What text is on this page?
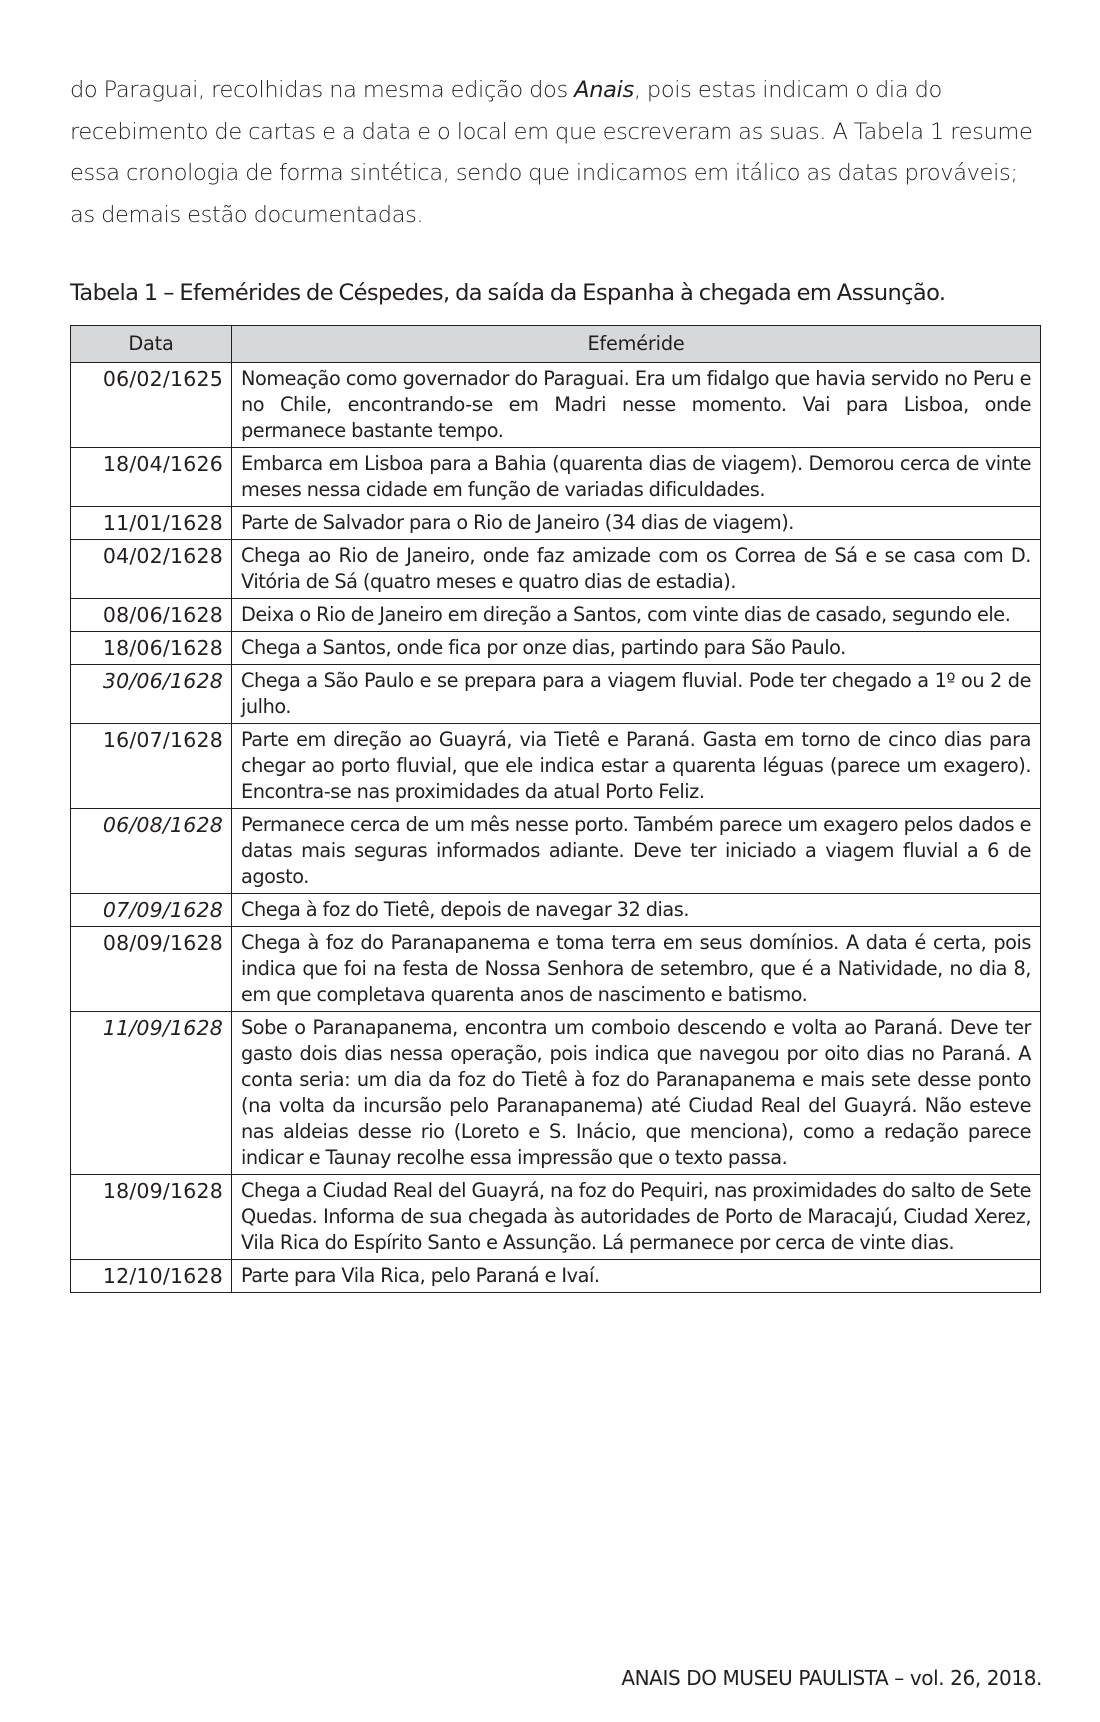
do Paraguai, recolhidas na mesma edição dos Anais, pois estas indicam o dia do recebimento de cartas e a data e o local em que escreveram as suas. A Tabela 1 resume essa cronologia de forma sintética, sendo que indicamos em itálico as datas prováveis; as demais estão documentadas.

Tabela 1 – Efemérides de Céspedes, da saída da Espanha à chegada em Assunção.
Data	Efeméride
06/02/1625	Nomeação como governador do Paraguai. Era um fidalgo que havia servido no Peru e no Chile, encontrando-se em Madri nesse momento. Vai para Lisboa, onde permanece bastante tempo.
18/04/1626	Embarca em Lisboa para a Bahia (quarenta dias de viagem). Demorou cerca de vinte meses nessa cidade em função de variadas dificuldades.
11/01/1628	Parte de Salvador para o Rio de Janeiro (34 dias de viagem).
04/02/1628	Chega ao Rio de Janeiro, onde faz amizade com os Correa de Sá e se casa com D. Vitória de Sá (quatro meses e quatro dias de estadia).
08/06/1628	Deixa o Rio de Janeiro em direção a Santos, com vinte dias de casado, segundo ele.
18/06/1628	Chega a Santos, onde fica por onze dias, partindo para São Paulo.
30/06/1628	Chega a São Paulo e se prepara para a viagem fluvial. Pode ter chegado a 1º ou 2 de julho.
16/07/1628	Parte em direção ao Guayrá, via Tietê e Paraná. Gasta em torno de cinco dias para chegar ao porto fluvial, que ele indica estar a quarenta léguas (parece um exagero). Encontra-se nas proximidades da atual Porto Feliz.
06/08/1628	Permanece cerca de um mês nesse porto. Também parece um exagero pelos dados e datas mais seguras informados adiante. Deve ter iniciado a viagem fluvial a 6 de agosto.
07/09/1628	Chega à foz do Tietê, depois de navegar 32 dias.
08/09/1628	Chega à foz do Paranapanema e toma terra em seus domínios. A data é certa, pois indica que foi na festa de Nossa Senhora de setembro, que é a Natividade, no dia 8, em que completava quarenta anos de nascimento e batismo.
11/09/1628	Sobe o Paranapanema, encontra um comboio descendo e volta ao Paraná. Deve ter gasto dois dias nessa operação, pois indica que navegou por oito dias no Paraná. A conta seria: um dia da foz do Tietê à foz do Paranapanema e mais sete desse ponto (na volta da incursão pelo Paranapanema) até Ciudad Real del Guayrá. Não esteve nas aldeias desse rio (Loreto e S. Inácio, que menciona), como a redação parece indicar e Taunay recolhe essa impressão que o texto passa.
18/09/1628	Chega a Ciudad Real del Guayrá, na foz do Pequiri, nas proximidades do salto de Sete Quedas. Informa de sua chegada às autoridades de Porto de Maracajú, Ciudad Xerez, Vila Rica do Espírito Santo e Assunção. Lá permanece por cerca de vinte dias.
12/10/1628	Parte para Vila Rica, pelo Paraná e Ivaí.
ANAIS DO MUSEU PAULISTA – vol. 26, 2018.
